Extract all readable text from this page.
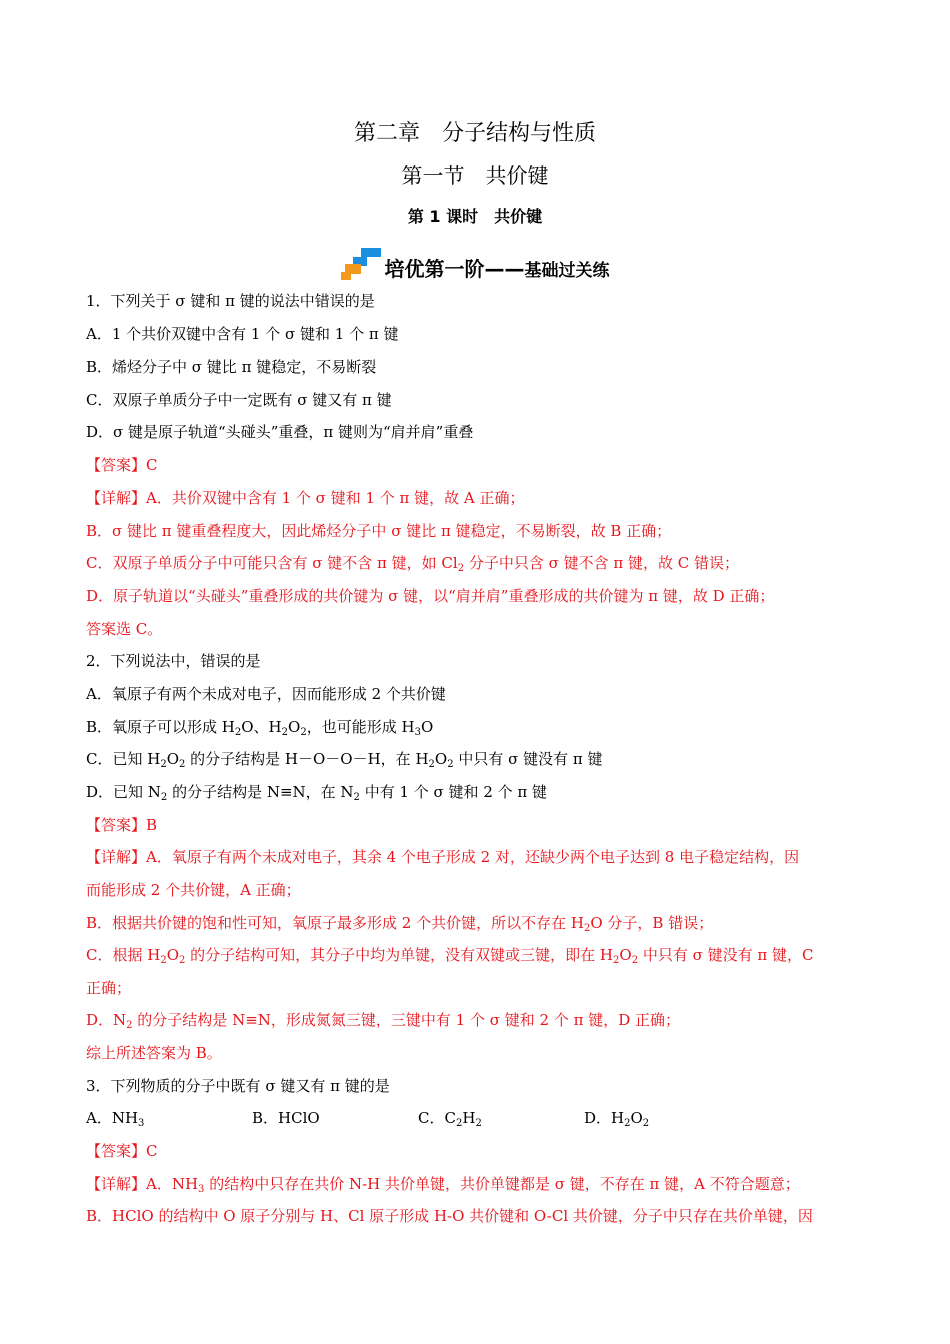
第二章　分子结构与性质
第一节　共价键
第 1 课时　共价键
培优第一阶——基础过关练
1．下列关于 σ 键和 π 键的说法中错误的是
A．1 个共价双键中含有 1 个 σ 键和 1 个 π 键
B．烯烃分子中 σ 键比 π 键稳定，不易断裂
C．双原子单质分子中一定既有 σ 键又有 π 键
D．σ 键是原子轨道“头碰头”重叠，π 键则为“肩并肩”重叠
【答案】C
【详解】A．共价双键中含有 1 个 σ 键和 1 个 π 键，故 A 正确；
B．σ 键比 π 键重叠程度大，因此烯烃分子中 σ 键比 π 键稳定，不易断裂，故 B 正确；
C．双原子单质分子中可能只含有 σ 键不含 π 键，如 $Cl_2$ 分子中只含 σ 键不含 π 键，故 C 错误；
D．原子轨道以“头碰头”重叠形成的共价键为 σ 键，以“肩并肩”重叠形成的共价键为 π 键，故 D 正确；
答案选 C。
2．下列说法中，错误的是
A．氧原子有两个未成对电子，因而能形成 2 个共价键
B．氧原子可以形成 $H_2O$、$H_2O_2$，也可能形成 $H_3O$
C．已知 $H_2O_2$ 的分子结构是 H－O－O－H，在 $H_2O_2$ 中只有 σ 键没有 π 键
D．已知 $N_2$ 的分子结构是 N≡N，在 $N_2$ 中有 1 个 σ 键和 2 个 π 键
【答案】B
【详解】A．氧原子有两个未成对电子，其余 4 个电子形成 2 对，还缺少两个电子达到 8 电子稳定结构，因
而能形成 2 个共价键，A 正确；
B．根据共价键的饱和性可知，氧原子最多形成 2 个共价键，所以不存在 $H_2O$ 分子，B 错误；
C．根据 $H_2O_2$ 的分子结构可知，其分子中均为单键，没有双键或三键，即在 $H_2O_2$ 中只有 σ 键没有 π 键，C
正确；
D．$N_2$ 的分子结构是 N≡N，形成氮氮三键，三键中有 1 个 σ 键和 2 个 π 键，D 正确；
综上所述答案为 B。
3．下列物质的分子中既有 σ 键又有 π 键的是
A．$NH_3$	B．HClO	C．$C_2H_2$	D．$H_2O_2$
【答案】C
【详解】A．$NH_3$ 的结构中只存在共价 N-H 共价单键，共价单键都是 σ 键，不存在 π 键，A 不符合题意；
B．HClO 的结构中 O 原子分别与 H、Cl 原子形成 H-O 共价键和 O-Cl 共价键，分子中只存在共价单键，因
